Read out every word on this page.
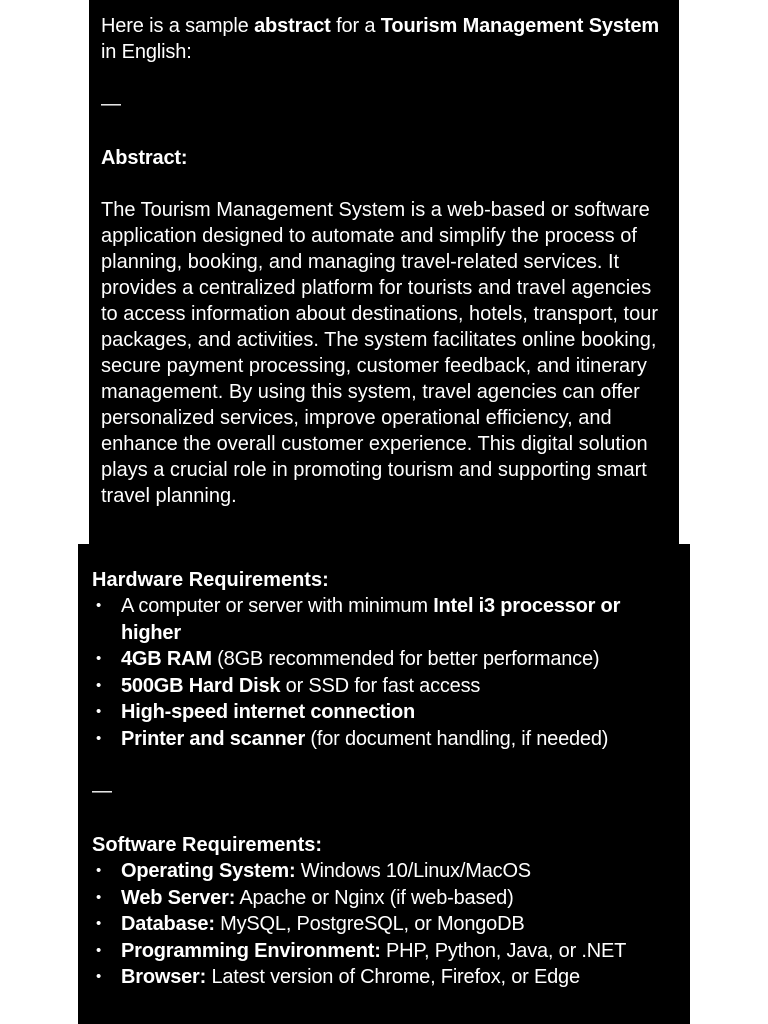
Here is a sample abstract for a Tourism Management System in English:

—

Abstract:

The Tourism Management System is a web-based or software application designed to automate and simplify the process of planning, booking, and managing travel-related services. It provides a centralized platform for tourists and travel agencies to access information about destinations, hotels, transport, tour packages, and activities. The system facilitates online booking, secure payment processing, customer feedback, and itinerary management. By using this system, travel agencies can offer personalized services, improve operational efficiency, and enhance the overall customer experience. This digital solution plays a crucial role in promoting tourism and supporting smart travel planning.

Hardware Requirements:
• A computer or server with minimum Intel i3 processor or higher
• 4GB RAM (8GB recommended for better performance)
• 500GB Hard Disk or SSD for fast access
• High-speed internet connection
• Printer and scanner (for document handling, if needed)
—
Software Requirements:
• Operating System: Windows 10/Linux/MacOS
• Web Server: Apache or Nginx (if web-based)
• Database: MySQL, PostgreSQL, or MongoDB
• Programming Environment: PHP, Python, Java, or .NET
• Browser: Latest version of Chrome, Firefox, or Edge
